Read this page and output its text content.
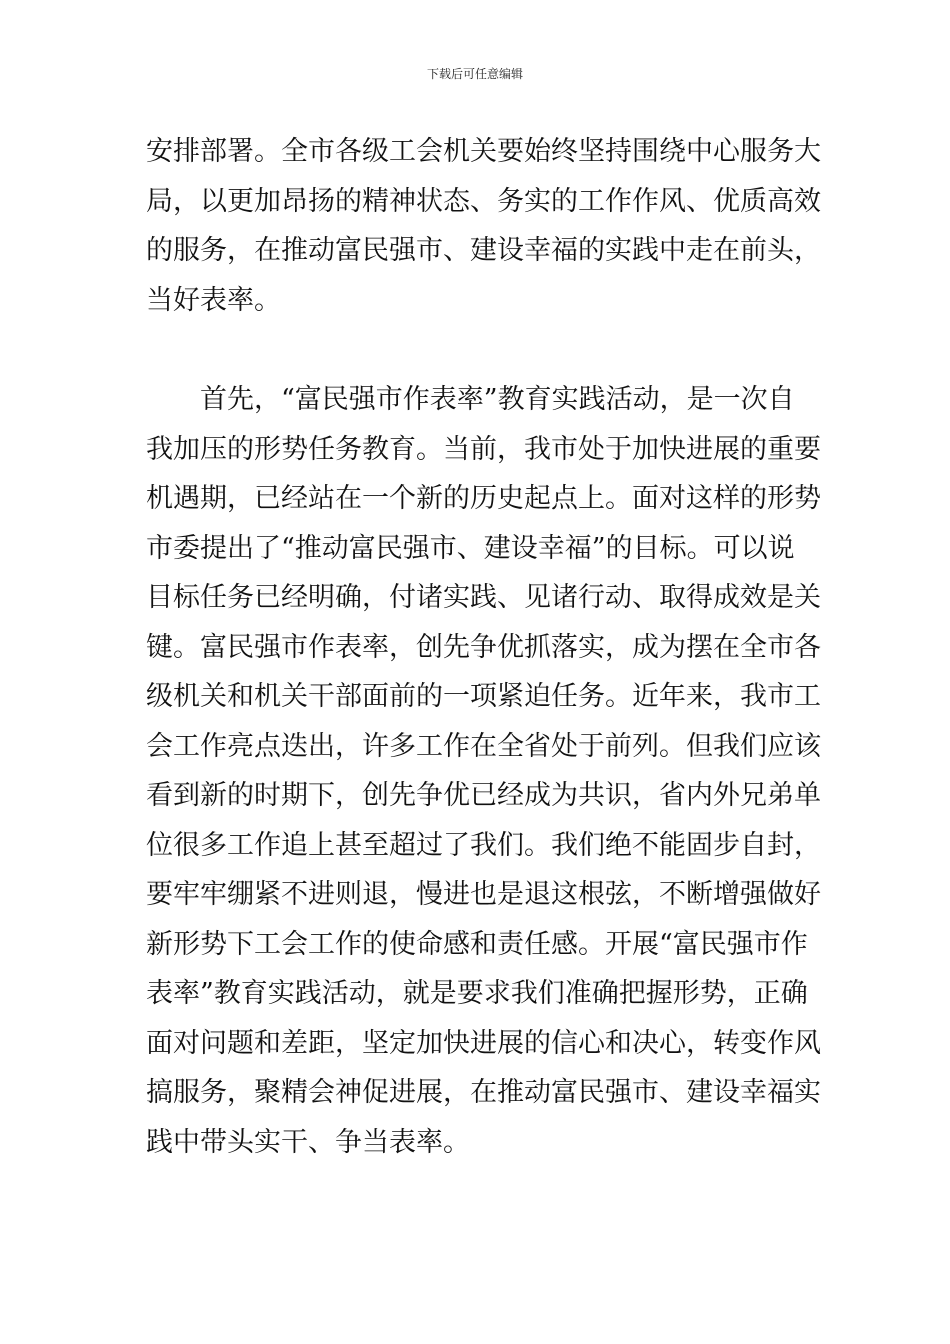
下载后可任意编辑
安排部署。全市各级工会机关要始终坚持围绕中心服务大
局，以更加昂扬的精神状态、务实的工作作风、优质高效
的服务，在推动富民强市、建设幸福的实践中走在前头，
当好表率。
首先，“富民强市作表率”教育实践活动，是一次自
我加压的形势任务教育。当前，我市处于加快进展的重要
机遇期，已经站在一个新的历史起点上。面对这样的形势
市委提出了“推动富民强市、建设幸福”的目标。可以说
目标任务已经明确，付诸实践、见诸行动、取得成效是关
键。富民强市作表率，创先争优抓落实，成为摆在全市各
级机关和机关干部面前的一项紧迫任务。近年来，我市工
会工作亮点迭出，许多工作在全省处于前列。但我们应该
看到新的时期下，创先争优已经成为共识，省内外兄弟单
位很多工作追上甚至超过了我们。我们绝不能固步自封，
要牢牢绷紧不进则退，慢进也是退这根弦，不断增强做好
新形势下工会工作的使命感和责任感。开展“富民强市作
表率”教育实践活动，就是要求我们准确把握形势，正确
面对问题和差距，坚定加快进展的信心和决心，转变作风
搞服务，聚精会神促进展，在推动富民强市、建设幸福实
践中带头实干、争当表率。
